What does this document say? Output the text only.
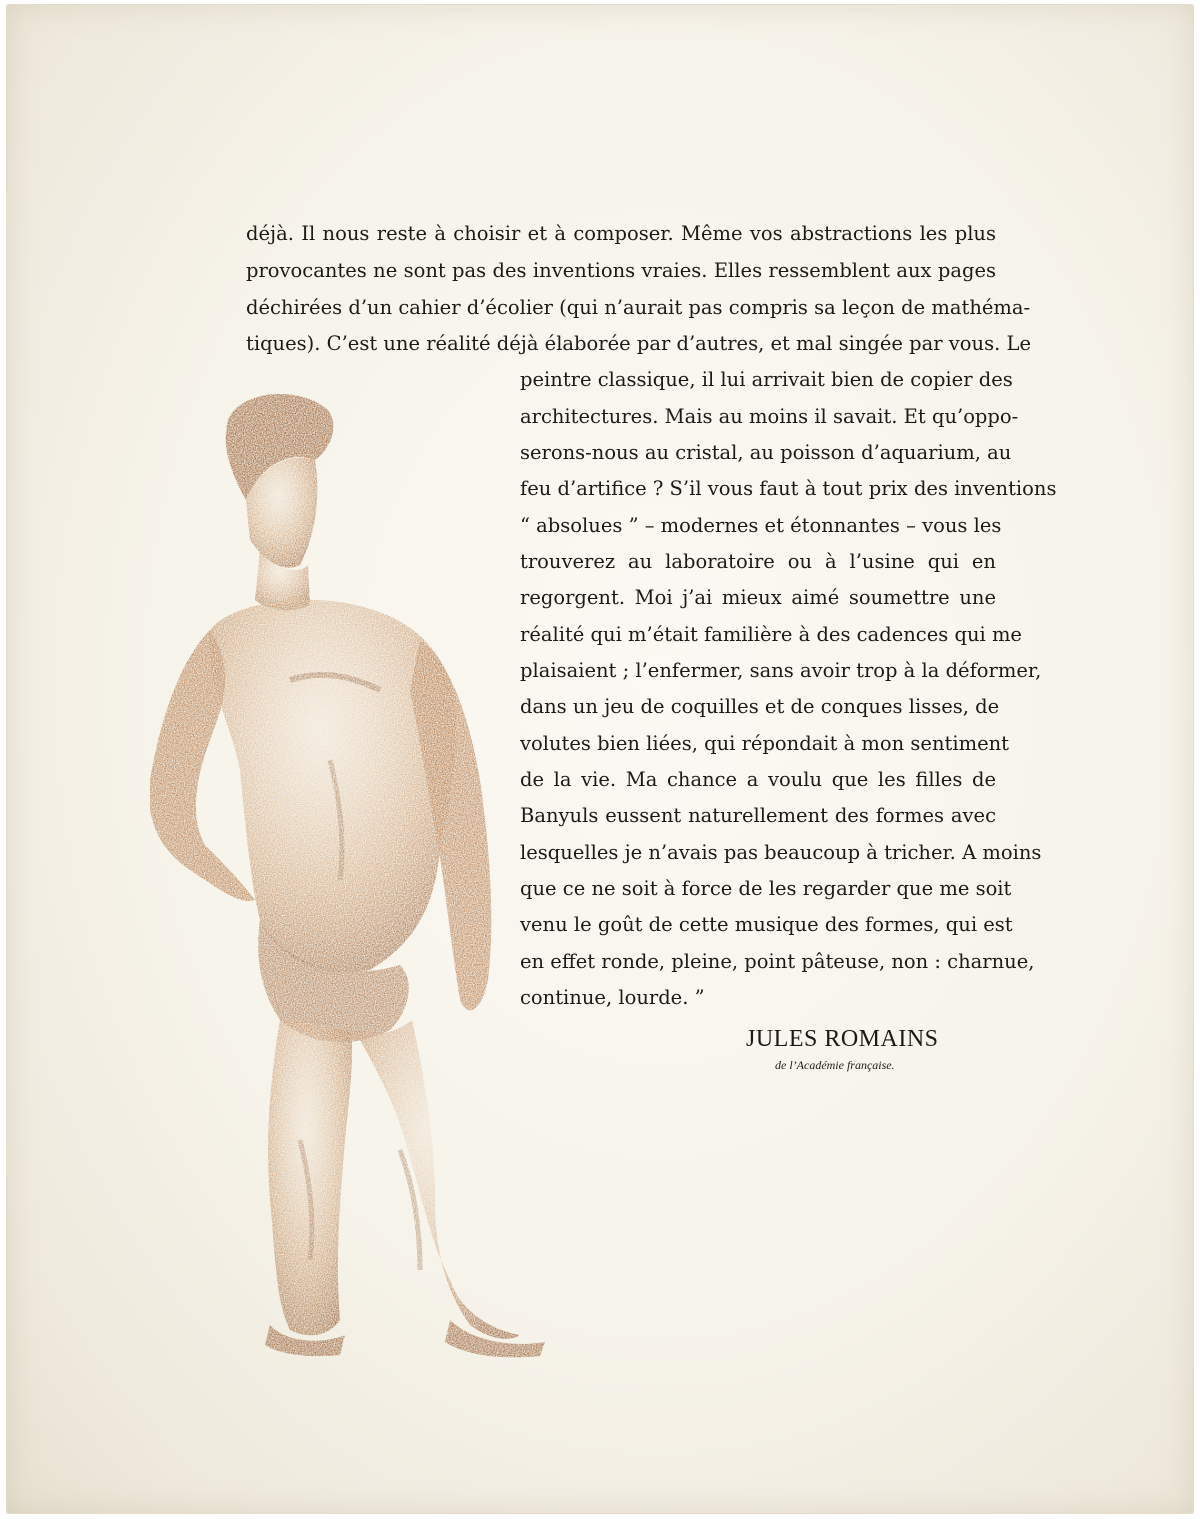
déjà. Il nous reste à choisir et à composer. Même vos abstractions les plus
provocantes ne sont pas des inventions vraies. Elles ressemblent aux pages
déchirées d’un cahier d’écolier (qui n’aurait pas compris sa leçon de mathéma-
tiques). C’est une réalité déjà élaborée par d’autres, et mal singée par vous. Le
peintre classique, il lui arrivait bien de copier des
architectures. Mais au moins il savait. Et qu’oppo-
serons-nous au cristal, au poisson d’aquarium, au
feu d’artifice ? S’il vous faut à tout prix des inventions
“ absolues ” – modernes et étonnantes – vous les
trouverez au laboratoire ou à l’usine qui en
regorgent. Moi j’ai mieux aimé soumettre une
réalité qui m’était familière à des cadences qui me
plaisaient ; l’enfermer, sans avoir trop à la déformer,
dans un jeu de coquilles et de conques lisses, de
volutes bien liées, qui répondait à mon sentiment
de la vie. Ma chance a voulu que les filles de
Banyuls eussent naturellement des formes avec
lesquelles je n’avais pas beaucoup à tricher. A moins
que ce ne soit à force de les regarder que me soit
venu le goût de cette musique des formes, qui est
en effet ronde, pleine, point pâteuse, non : charnue,
continue, lourde. ”
JULES ROMAINS
de l’Académie française.
